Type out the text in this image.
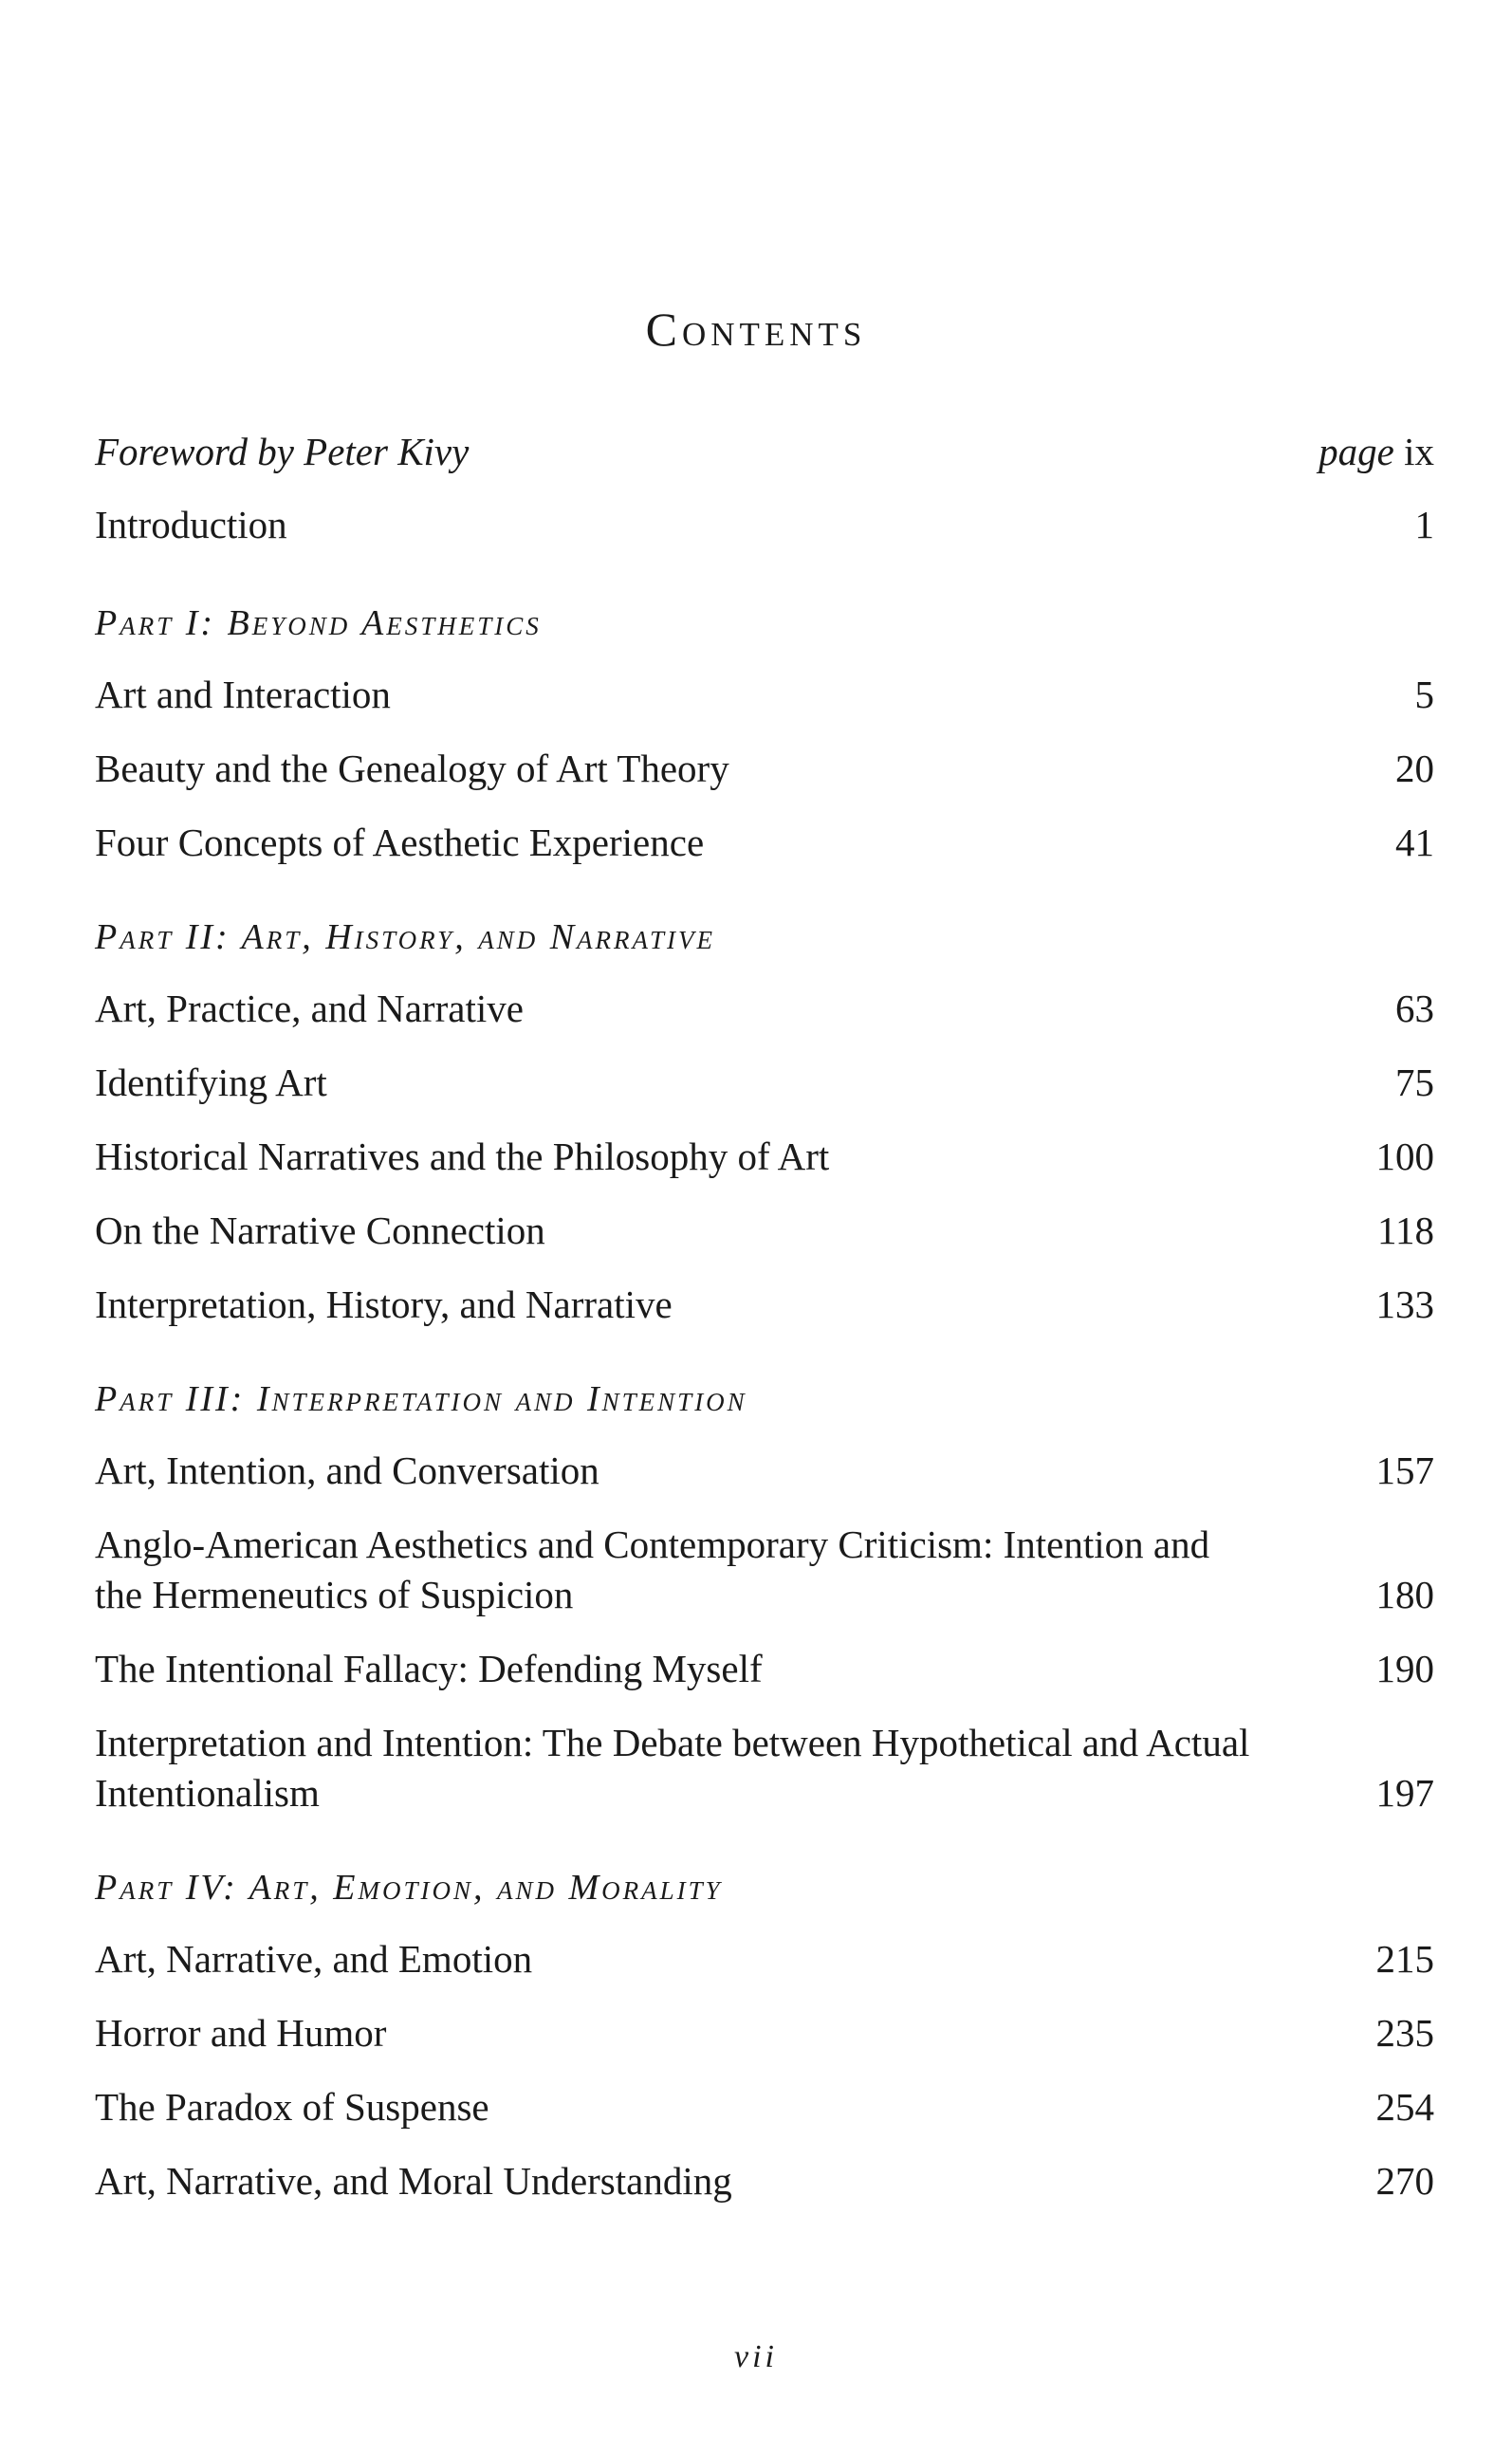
Contents
Foreword by Peter Kivy	page ix
Introduction	1
Part I: Beyond Aesthetics
Art and Interaction	5
Beauty and the Genealogy of Art Theory	20
Four Concepts of Aesthetic Experience	41
Part II: Art, History, and Narrative
Art, Practice, and Narrative	63
Identifying Art	75
Historical Narratives and the Philosophy of Art	100
On the Narrative Connection	118
Interpretation, History, and Narrative	133
Part III: Interpretation and Intention
Art, Intention, and Conversation	157
Anglo-American Aesthetics and Contemporary Criticism: Intention and the Hermeneutics of Suspicion	180
The Intentional Fallacy: Defending Myself	190
Interpretation and Intention: The Debate between Hypothetical and Actual Intentionalism	197
Part IV: Art, Emotion, and Morality
Art, Narrative, and Emotion	215
Horror and Humor	235
The Paradox of Suspense	254
Art, Narrative, and Moral Understanding	270
vii
